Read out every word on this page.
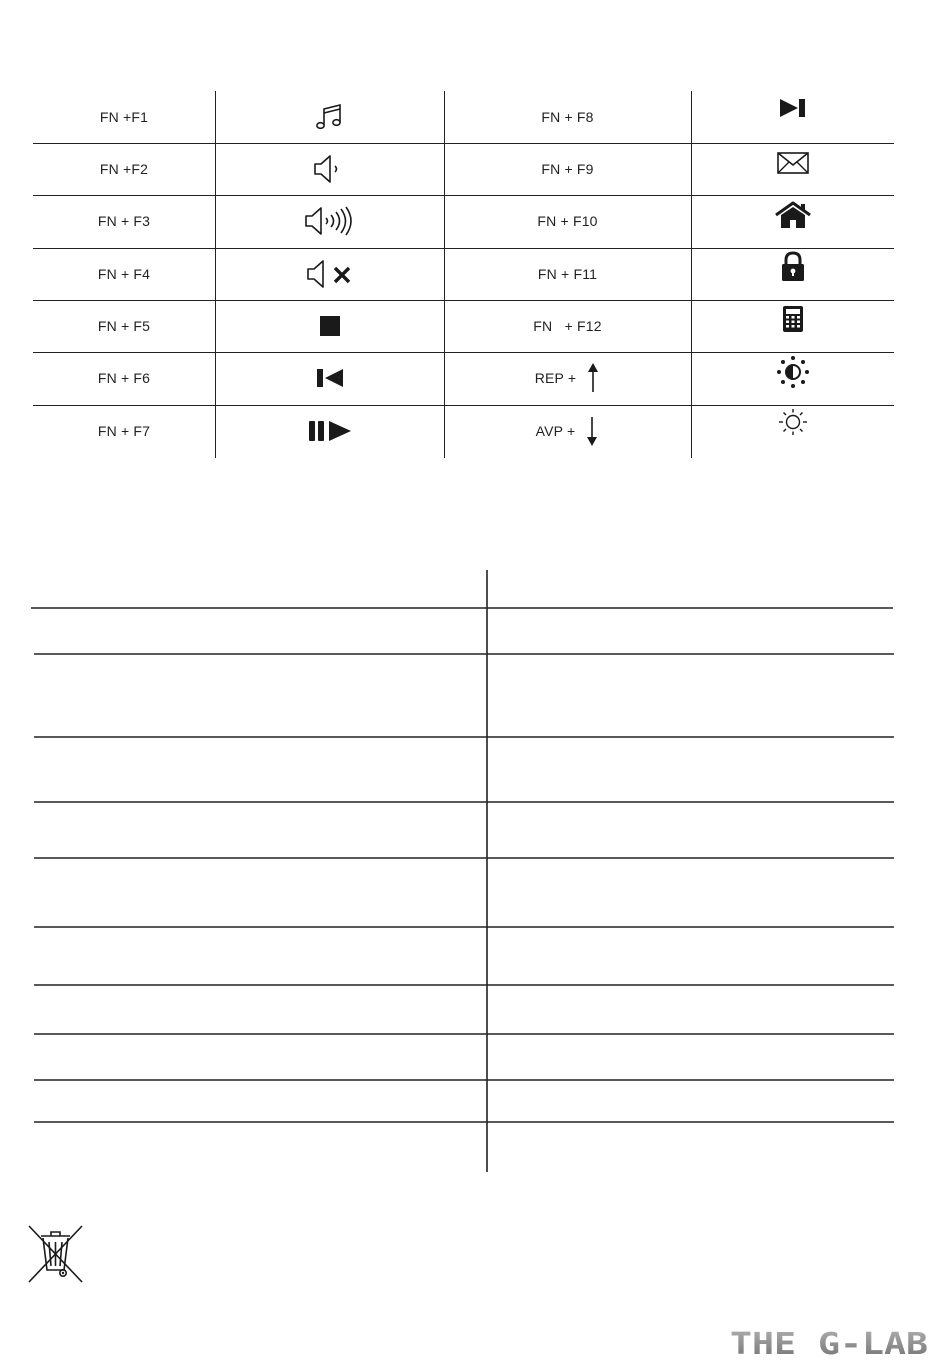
FN +F1	FN + F8
FN +F2	FN + F9
FN + F3	FN + F10
FN + F4	FN + F11
FN + F5	FN   + F12
FN + F6	REP +
FN + F7	AVP +
THE G-LAB
